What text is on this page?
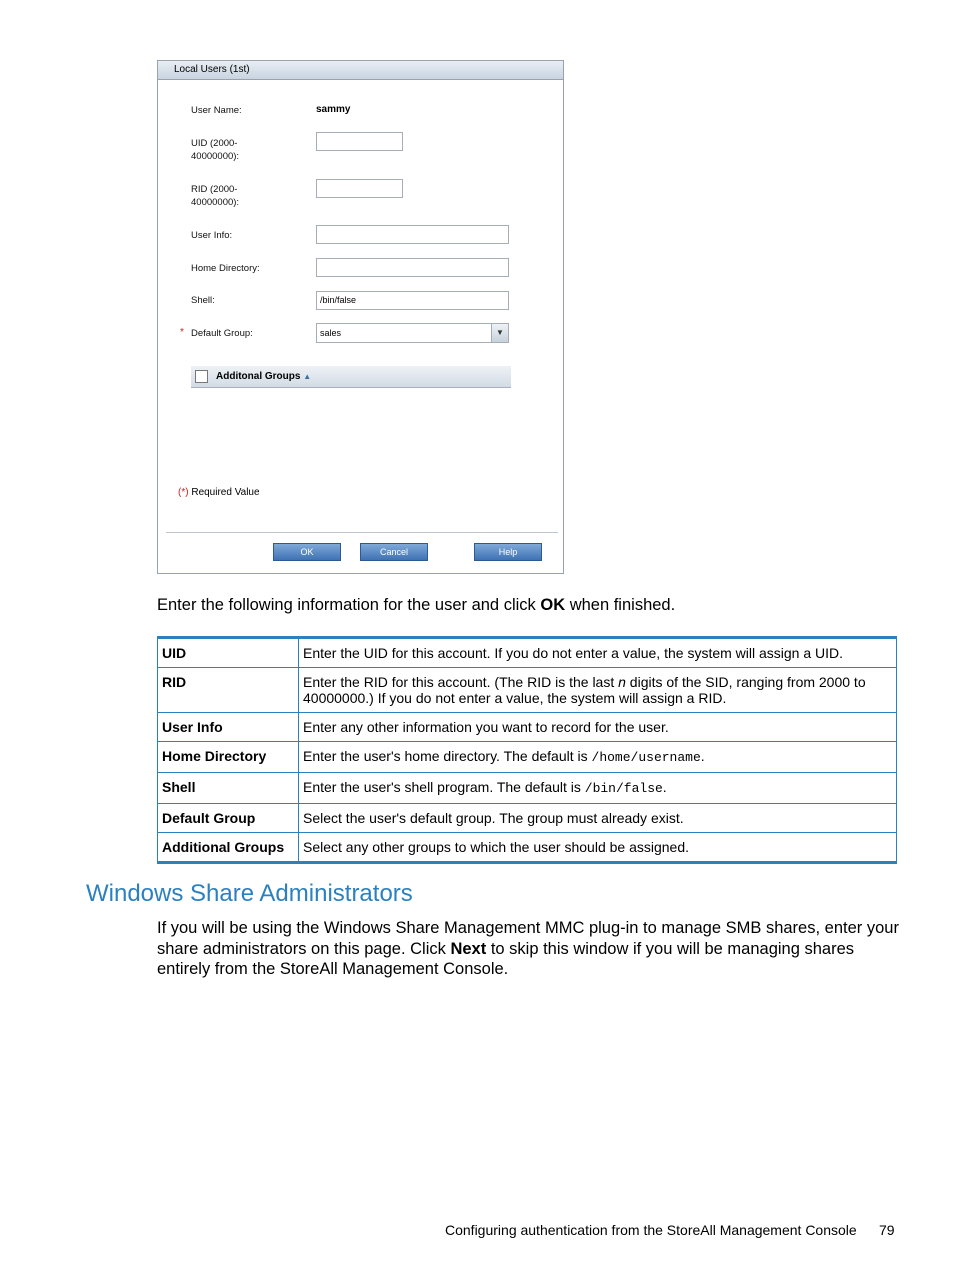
Local Users (1st)
User Name:	sammy
UID (2000-
40000000):
RID (2000-
40000000):
User Info:
Home Directory:
Shell:	/bin/false
* Default Group:	sales	▼
Additonal Groups ▲
(*) Required Value
OK	Cancel	Help
Enter the following information for the user and click OK when finished.
UID	Enter the UID for this account. If you do not enter a value, the system will assign a UID.
RID	Enter the RID for this account. (The RID is the last n digits of the SID, ranging from 2000 to 40000000.) If you do not enter a value, the system will assign a RID.
User Info	Enter any other information you want to record for the user.
Home Directory	Enter the user's home directory. The default is /home/username.
Shell	Enter the user's shell program. The default is /bin/false.
Default Group	Select the user's default group. The group must already exist.
Additional Groups	Select any other groups to which the user should be assigned.
Windows Share Administrators
If you will be using the Windows Share Management MMC plug-in to manage SMB shares, enter your share administrators on this page. Click Next to skip this window if you will be managing shares entirely from the StoreAll Management Console.
Configuring authentication from the StoreAll Management Console 79
